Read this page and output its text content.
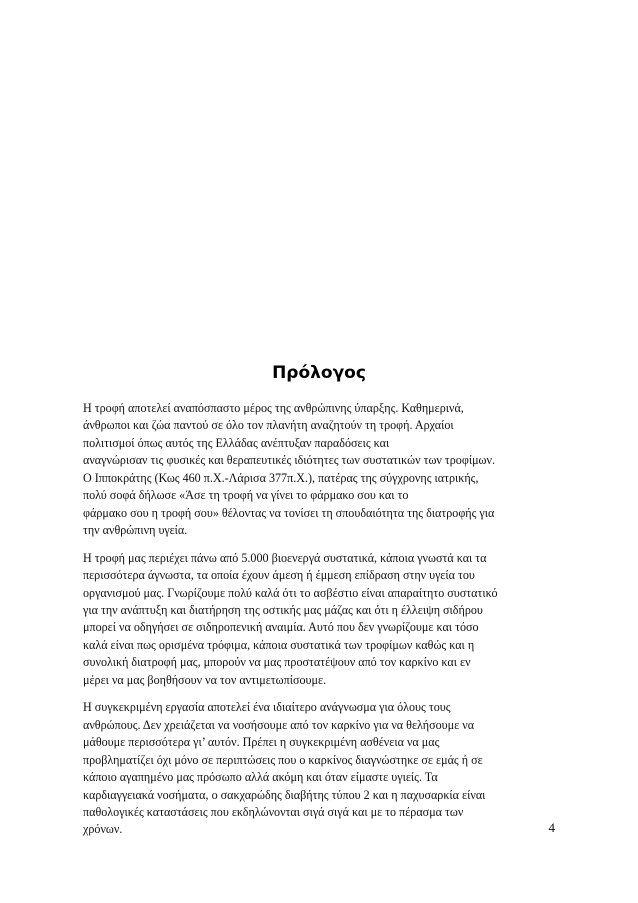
Πρόλογος

Η τροφή αποτελεί αναπόσπαστο μέρος της ανθρώπινης ύπαρξης. Καθημερινά,
άνθρωποι και ζώα παντού σε όλο τον πλανήτη αναζητούν τη τροφή. Αρχαίοι
πολιτισμοί όπως αυτός της Ελλάδας ανέπτυξαν παραδόσεις και
αναγνώρισαν τις φυσικές και θεραπευτικές ιδιότητες των συστατικών των τροφίμων.
Ο Ιπποκράτης (Κως 460 π.Χ.-Λάρισα 377π.Χ.), πατέρας της σύγχρονης ιατρικής,
πολύ σοφά δήλωσε «Άσε τη τροφή να γίνει το φάρμακο σου και το
φάρμακο σου η τροφή σου» θέλοντας να τονίσει τη σπουδαιότητα της διατροφής για
την ανθρώπινη υγεία.

Η τροφή μας περιέχει πάνω από 5.000 βιοενεργά συστατικά, κάποια γνωστά και τα
περισσότερα άγνωστα, τα οποία έχουν άμεση ή έμμεση επίδραση στην υγεία του
οργανισμού μας. Γνωρίζουμε πολύ καλά ότι το ασβέστιο είναι απαραίτητο συστατικό
για την ανάπτυξη και διατήρηση της οστικής μας μάζας και ότι η έλλειψη σιδήρου
μπορεί να οδηγήσει σε σιδηροπενική αναιμία. Αυτό που δεν γνωρίζουμε και τόσο
καλά είναι πως ορισμένα τρόφιμα, κάποια συστατικά των τροφίμων καθώς και η
συνολική διατροφή μας, μπορούν να μας προστατέψουν από τον καρκίνο και εν
μέρει να μας βοηθήσουν να τον αντιμετωπίσουμε.

Η συγκεκριμένη εργασία αποτελεί ένα ιδιαίτερο ανάγνωσμα για όλους τους
ανθρώπους. Δεν χρειάζεται να νοσήσουμε από τον καρκίνο για να θελήσουμε να
μάθουμε περισσότερα γι’ αυτόν. Πρέπει η συγκεκριμένη ασθένεια να μας
προβληματίζει όχι μόνο σε περιπτώσεις που ο καρκίνος διαγνώστηκε σε εμάς ή σε
κάποιο αγαπημένο μας πρόσωπο αλλά ακόμη και όταν είμαστε υγιείς. Τα
καρδιαγγειακά νοσήματα, ο σακχαρώδης διαβήτης τύπου 2 και η παχυσαρκία είναι
παθολογικές καταστάσεις που εκδηλώνονται σιγά σιγά και με το πέρασμα των
χρόνων.	4
